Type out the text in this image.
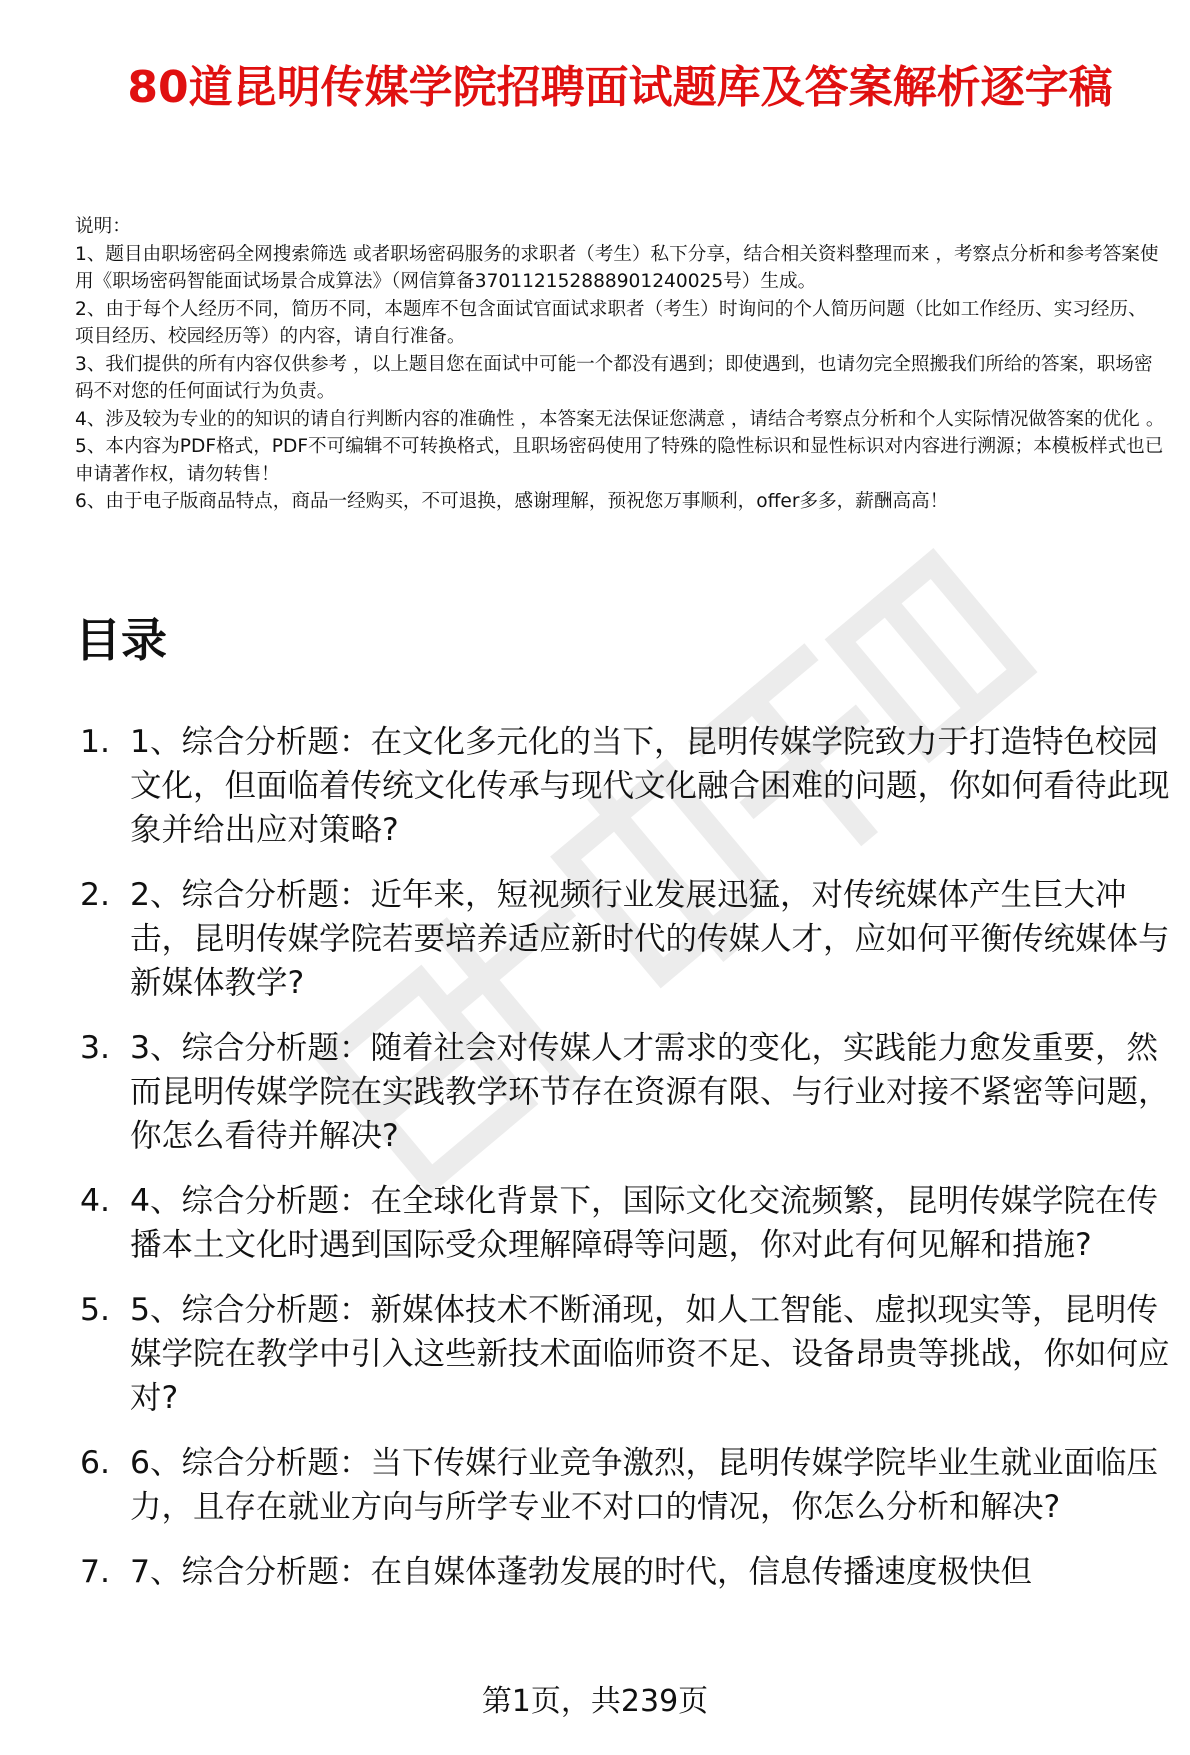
80道昆明传媒学院招聘面试题库及答案解析逐字稿
说明：
1、题目由职场密码全网搜索筛选 或者职场密码服务的求职者（考生）私下分享，结合相关资料整理而来 ，考察点分析和参考答案使用《职场密码智能面试场景合成算法》（网信算备370112152888901240025号）生成。
2、由于每个人经历不同，简历不同，本题库不包含面试官面试求职者（考生）时询问的个人简历问题（比如工作经历、实习经历、项目经历、校园经历等）的内容，请自行准备。
3、我们提供的所有内容仅供参考 ，以上题目您在面试中可能一个都没有遇到；即使遇到，也请勿完全照搬我们所给的答案，职场密码不对您的任何面试行为负责。
4、涉及较为专业的的知识的请自行判断内容的准确性 ，本答案无法保证您满意 ，请结合考察点分析和个人实际情况做答案的优化 。
5、本内容为PDF格式，PDF不可编辑不可转换格式，且职场密码使用了特殊的隐性标识和显性标识对内容进行溯源；本模板样式也已申请著作权，请勿转售！
6、由于电子版商品特点，商品一经购买，不可退换，感谢理解，预祝您万事顺利，offer多多，薪酬高高！
目录
1. 1、综合分析题：在文化多元化的当下，昆明传媒学院致力于打造特色校园文化，但面临着传统文化传承与现代文化融合困难的问题，你如何看待此现象并给出应对策略?
2. 2、综合分析题：近年来，短视频行业发展迅猛，对传统媒体产生巨大冲击，昆明传媒学院若要培养适应新时代的传媒人才，应如何平衡传统媒体与新媒体教学?
3. 3、综合分析题：随着社会对传媒人才需求的变化，实践能力愈发重要，然而昆明传媒学院在实践教学环节存在资源有限、与行业对接不紧密等问题，你怎么看待并解决?
4. 4、综合分析题：在全球化背景下，国际文化交流频繁，昆明传媒学院在传播本土文化时遇到国际受众理解障碍等问题，你对此有何见解和措施?
5. 5、综合分析题：新媒体技术不断涌现，如人工智能、虚拟现实等，昆明传媒学院在教学中引入这些新技术面临师资不足、设备昂贵等挑战，你如何应对?
6. 6、综合分析题：当下传媒行业竞争激烈，昆明传媒学院毕业生就业面临压力，且存在就业方向与所学专业不对口的情况，你怎么分析和解决?
7. 7、综合分析题：在自媒体蓬勃发展的时代，信息传播速度极快但
第1页，共239页
